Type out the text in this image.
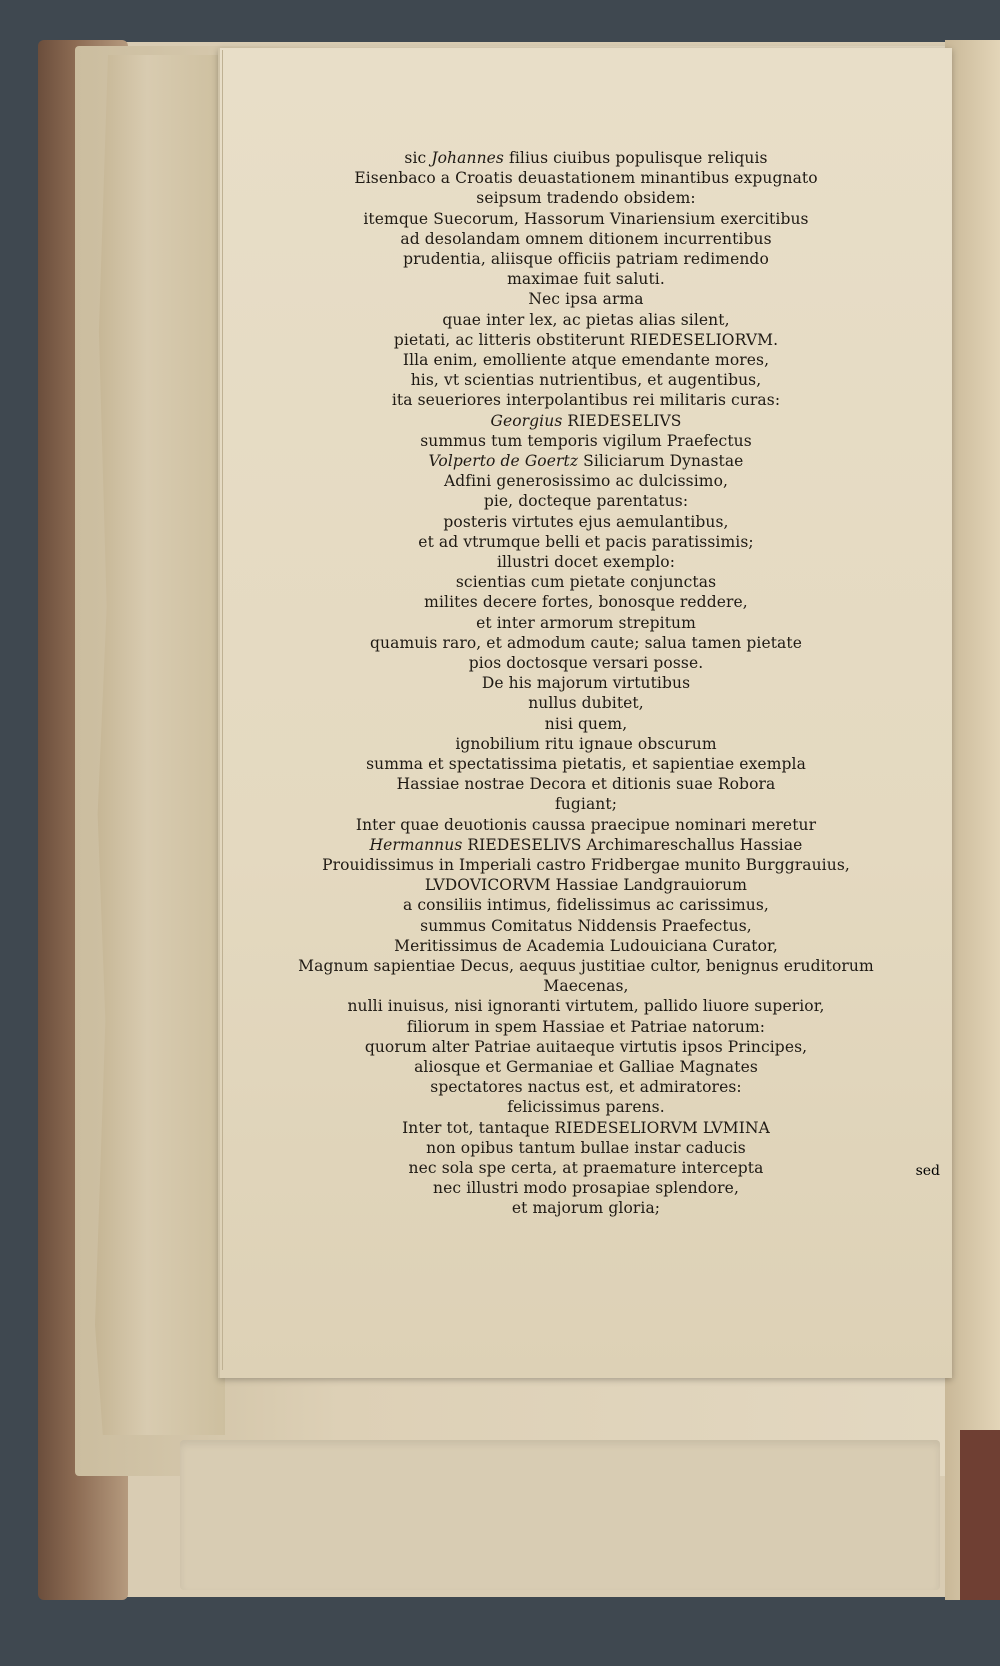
sic Johannes filius ciuibus populisque reliquis
Eisenbaco a Croatis deuastationem minantibus expugnato
seipsum tradendo obsidem:
itemque Suecorum, Hassorum Vinariensium exercitibus
ad desolandam omnem ditionem incurrentibus
prudentia, aliisque officiis patriam redimendo
maximae fuit saluti.
Nec ipsa arma
quae inter lex, ac pietas alias silent,
pietati, ac litteris obstiterunt RIEDESELIORVM.
Illa enim, emolliente atque emendante mores,
his, vt scientias nutrientibus, et augentibus,
ita seueriores interpolantibus rei militaris curas:
Georgius RIEDESELIVS
summus tum temporis vigilum Praefectus
Volperto de Goertz Siliciarum Dynastae
Adfini generosissimo ac dulcissimo,
pie, docteque parentatus:
posteris virtutes ejus aemulantibus,
et ad vtrumque belli et pacis paratissimis;
illustri docet exemplo:
scientias cum pietate conjunctas
milites decere fortes, bonosque reddere,
et inter armorum strepitum
quamuis raro, et admodum caute; salua tamen pietate
pios doctosque versari posse.
De his majorum virtutibus
nullus dubitet,
nisi quem,
ignobilium ritu ignaue obscurum
summa et spectatissima pietatis, et sapientiae exempla
Hassiae nostrae Decora et ditionis suae Robora
fugiant;
Inter quae deuotionis caussa praecipue nominari meretur
Hermannus RIEDESELIVS Archimareschallus Hassiae
Prouidissimus in Imperiali castro Fridbergae munito Burggrauius,
LVDOVICORVM Hassiae Landgrauiorum
a consiliis intimus, fidelissimus ac carissimus,
summus Comitatus Niddensis Praefectus,
Meritissimus de Academia Ludouiciana Curator,
Magnum sapientiae Decus, aequus justitiae cultor, benignus eruditorum
Maecenas,
nulli inuisus, nisi ignoranti virtutem, pallido liuore superior,
filiorum in spem Hassiae et Patriae natorum:
quorum alter Patriae auitaeque virtutis ipsos Principes,
aliosque et Germaniae et Galliae Magnates
spectatores nactus est, et admiratores:
felicissimus parens.
Inter tot, tantaque RIEDESELIORVM LVMINA
non opibus tantum bullae instar caducis
nec sola spe certa, at praemature intercepta
nec illustri modo prosapiae splendore,
et majorum gloria;
sed
